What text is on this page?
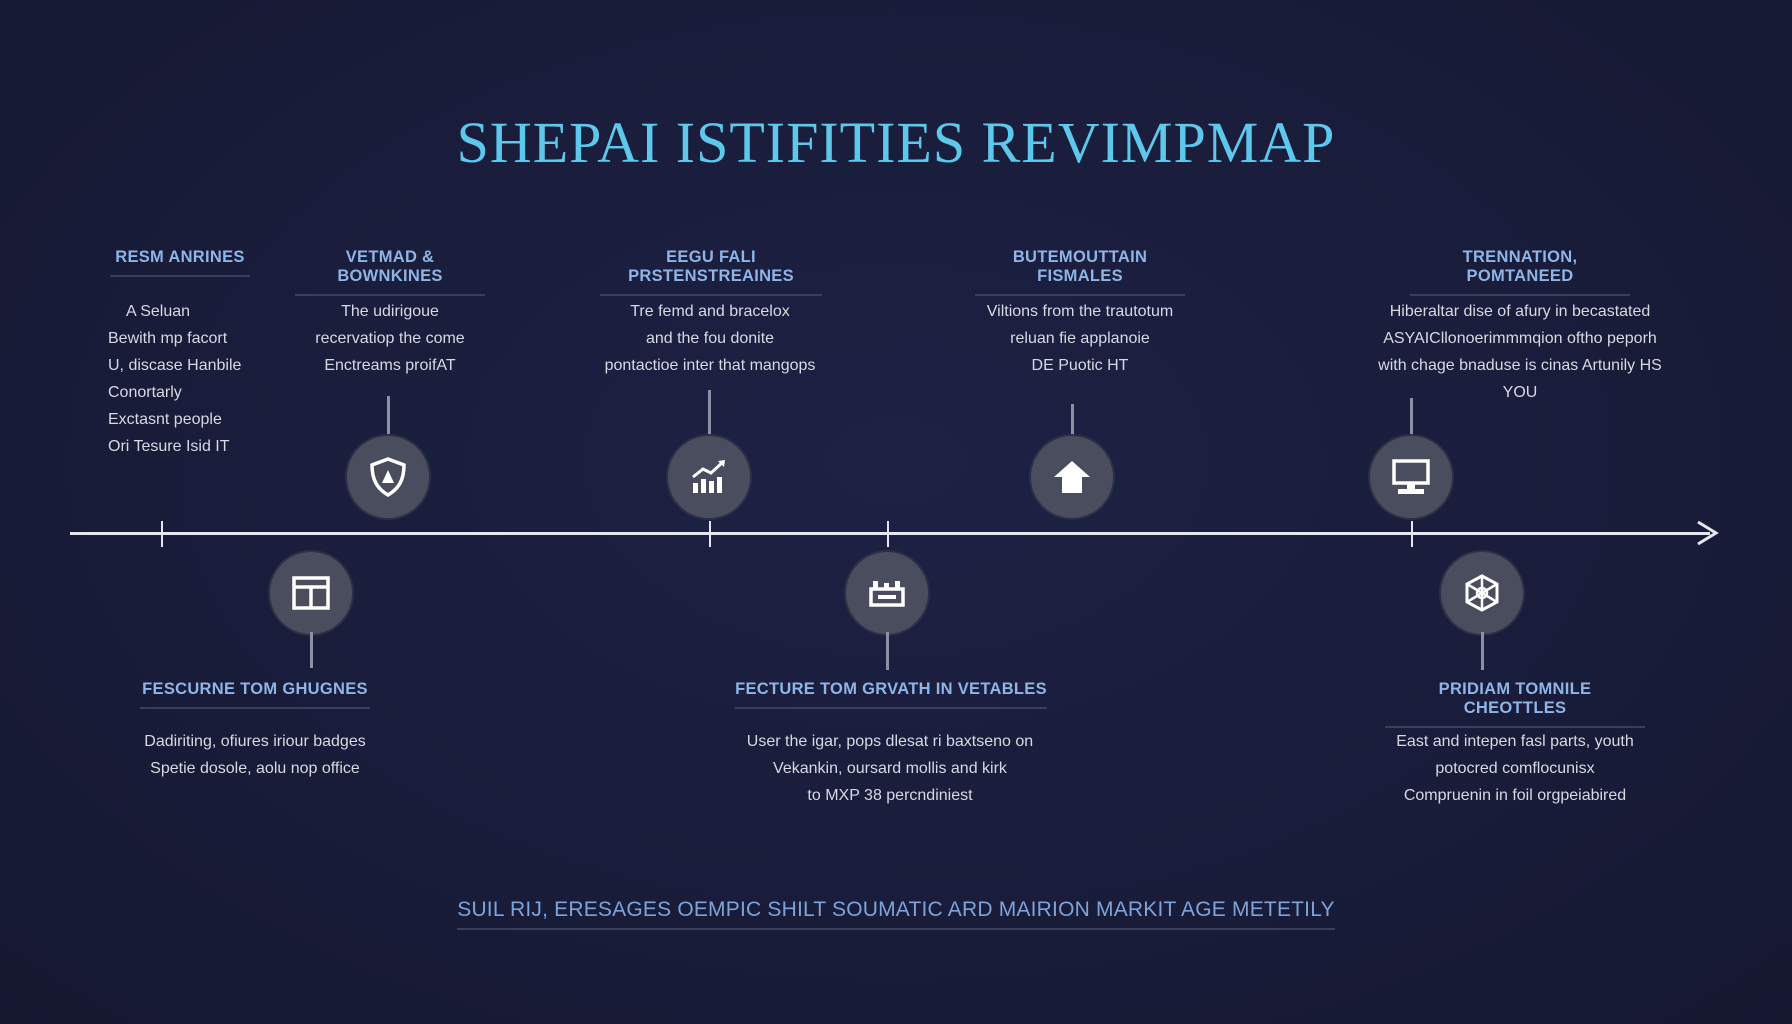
SHEPAI ISTIFITIES REVIMPMAP
RESM ANRINES
A Seluan
Bewith mp facort
U, discase Hanbile
Conortarly
Exctasnt people
Ori Tesure Isid IT
VETMAD & BOWNKINES
The udirigoue
recervatiop the come
Enctreams proifAT
EEGU FALI PRSTENSTREAINES
Tre femd and bracelox
and the fou donite
pontactioe inter that mangops
BUTEMOUTTAIN FISMALES
Viltions from the trautotum
reluan fie applanoie
DE Puotic HT
TRENNATION, POMTANEED
Hiberaltar dise of afury in becastated
ASYAICllonoerimmmqion oftho peporh
with chage bnaduse is cinas Artunily HS
YOU
FESCURNE TOM GHUGNES
Dadiriting, ofiures iriour badges
Spetie dosole, aolu nop office
FECTURE TOM GRVATH IN VETABLES
User the igar, pops dlesat ri baxtseno on
Vekankin, oursard mollis and kirk
to MXP 38 percndiniest
PRIDIAM TOMNILE CHEOTTLES
East and intepen fasl parts, youth
potocred comflocunisx
Compruenin in foil orgpeiabired
SUIL RIJ, ERESAGES OEMPIC SHILT SOUMATIC ARD MAIRION MARKIT AGE METETILY
